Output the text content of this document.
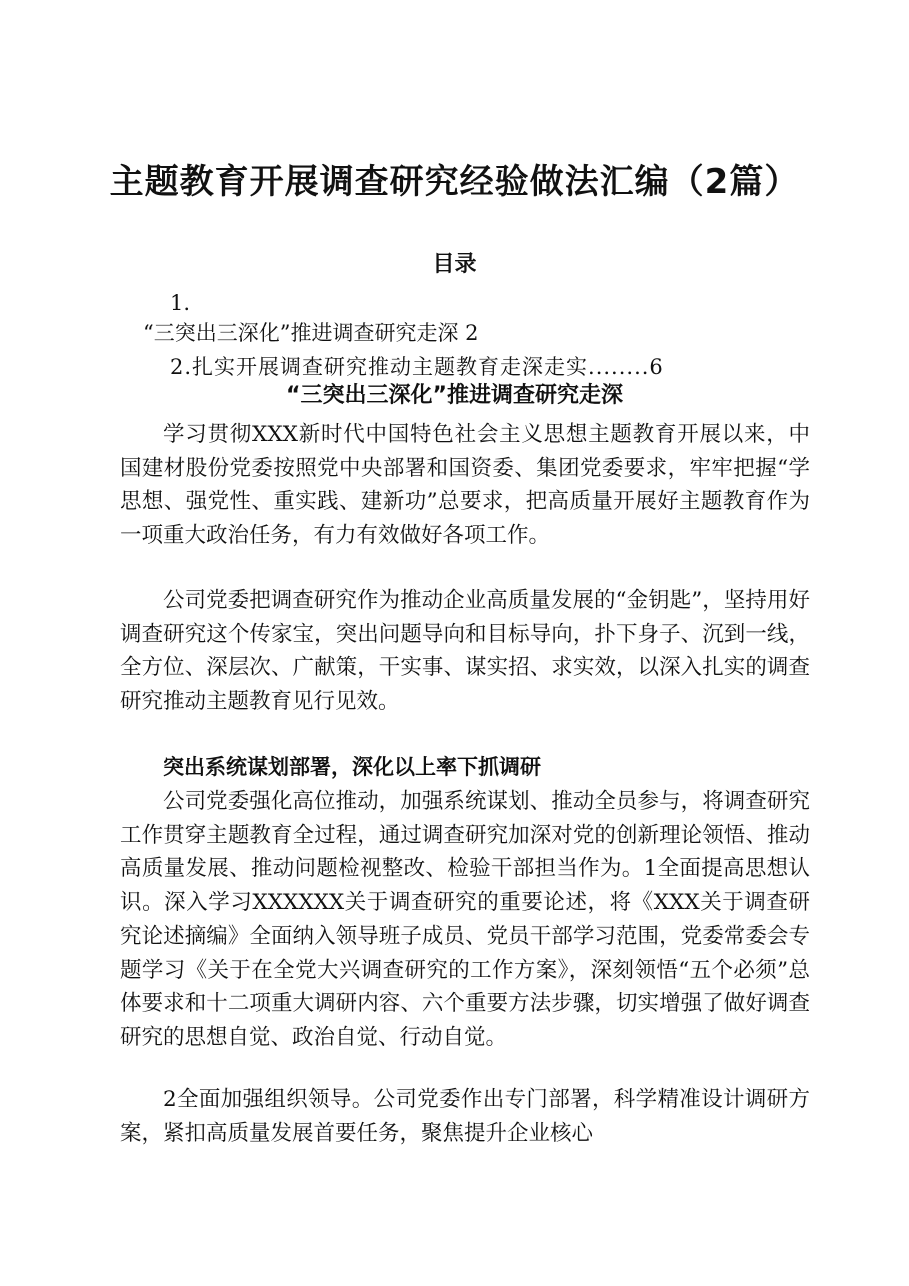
主题教育开展调查研究经验做法汇编（2篇）
目录
1.
“三突出三深化”推进调查研究走深 2
2.扎实开展调查研究推动主题教育走深走实........6
“三突出三深化”推进调查研究走深

学习贯彻XXX新时代中国特色社会主义思想主题教育开展以来，中国建材股份党委按照党中央部署和国资委、集团党委要求，牢牢把握“学思想、强党性、重实践、建新功”总要求，把高质量开展好主题教育作为一项重大政治任务，有力有效做好各项工作。

公司党委把调查研究作为推动企业高质量发展的“金钥匙”，坚持用好调查研究这个传家宝，突出问题导向和目标导向，扑下身子、沉到一线，全方位、深层次、广献策，干实事、谋实招、求实效，以深入扎实的调查研究推动主题教育见行见效。

突出系统谋划部署，深化以上率下抓调研

公司党委强化高位推动，加强系统谋划、推动全员参与，将调查研究工作贯穿主题教育全过程，通过调查研究加深对党的创新理论领悟、推动高质量发展、推动问题检视整改、检验干部担当作为。1全面提高思想认识。深入学习XXXXXX关于调查研究的重要论述，将《XXX关于调查研究论述摘编》全面纳入领导班子成员、党员干部学习范围，党委常委会专题学习《关于在全党大兴调查研究的工作方案》，深刻领悟“五个必须”总体要求和十二项重大调研内容、六个重要方法步骤，切实增强了做好调查研究的思想自觉、政治自觉、行动自觉。

2全面加强组织领导。公司党委作出专门部署，科学精准设计调研方案，紧扣高质量发展首要任务，聚焦提升企业核心
